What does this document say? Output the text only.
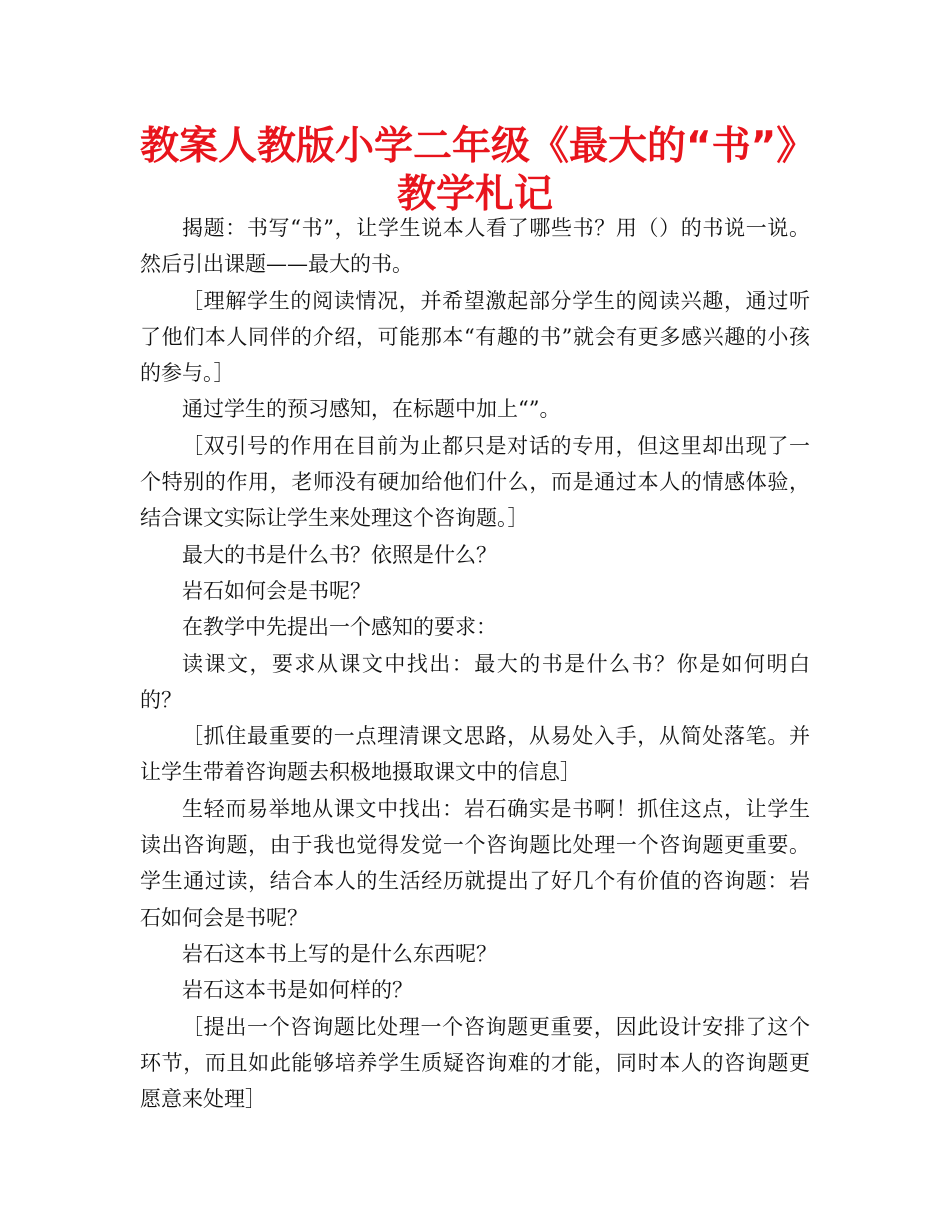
教案人教版小学二年级《最大的“书”》
教学札记

揭题：书写“书”，让学生说本人看了哪些书？用（）的书说一说。然后引出课题——最大的书。

［理解学生的阅读情况，并希望激起部分学生的阅读兴趣，通过听了他们本人同伴的介绍，可能那本“有趣的书”就会有更多感兴趣的小孩的参与。］

通过学生的预习感知，在标题中加上“”。

［双引号的作用在目前为止都只是对话的专用，但这里却出现了一个特别的作用，老师没有硬加给他们什么，而是通过本人的情感体验，结合课文实际让学生来处理这个咨询题。］

最大的书是什么书？依照是什么？

岩石如何会是书呢？

在教学中先提出一个感知的要求：

读课文，要求从课文中找出：最大的书是什么书？你是如何明白的？

［抓住最重要的一点理清课文思路，从易处入手，从简处落笔。并让学生带着咨询题去积极地摄取课文中的信息］

生轻而易举地从课文中找出：岩石确实是书啊！抓住这点，让学生读出咨询题，由于我也觉得发觉一个咨询题比处理一个咨询题更重要。学生通过读，结合本人的生活经历就提出了好几个有价值的咨询题：岩石如何会是书呢？

岩石这本书上写的是什么东西呢？

岩石这本书是如何样的？

［提出一个咨询题比处理一个咨询题更重要，因此设计安排了这个环节，而且如此能够培养学生质疑咨询难的才能，同时本人的咨询题更愿意来处理］
